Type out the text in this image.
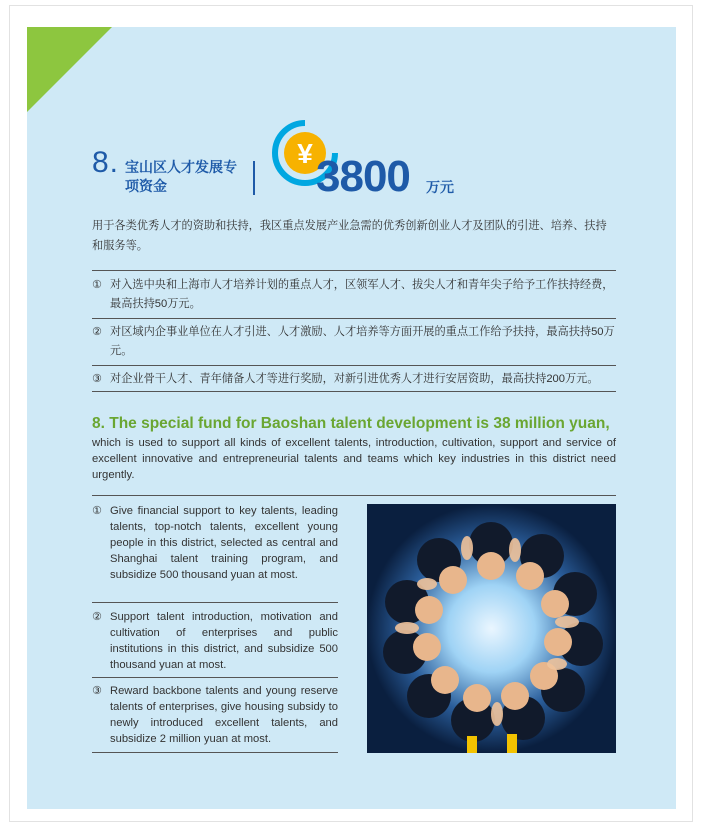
8. 宝山区人才发展专项资金
¥ 3800 万元
用于各类优秀人才的资助和扶持，我区重点发展产业急需的优秀创新创业人才及团队的引进、培养、扶持和服务等。
① 对入选中央和上海市人才培养计划的重点人才，区领军人才、拔尖人才和青年尖子给予工作扶持经费，最高扶持50万元。
② 对区域内企事业单位在人才引进、人才激励、人才培养等方面开展的重点工作给予扶持，最高扶持50万元。
③ 对企业骨干人才、青年储备人才等进行奖励，对新引进优秀人才进行安居资助，最高扶持200万元。
8. The special fund for Baoshan talent development is 38 million yuan,
which is used to support all kinds of excellent talents, introduction, cultivation, support and service of excellent innovative and entrepreneurial talents and teams which key industries in this district need urgently.
① Give financial support to key talents, leading talents, top-notch talents, excellent young people in this district, selected as central and Shanghai talent training program, and subsidize 500 thousand yuan at most.
② Support talent introduction, motivation and cultivation of enterprises and public institutions in this district, and subsidize 500 thousand yuan at most.
③ Reward backbone talents and young reserve talents of enterprises, give housing subsidy to newly introduced excellent talents, and subsidize 2 million yuan at most.
